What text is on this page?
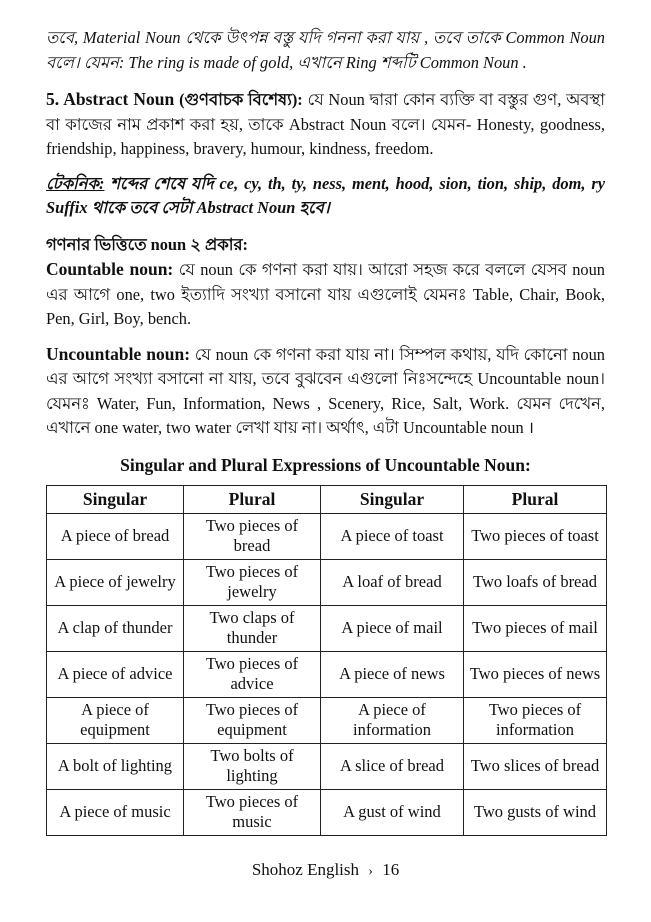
তবে, Material Noun থেকে উৎপন্ন বস্তু যদি গননা করা যায় , তবে তাকে Common Noun বলে। যেমন: The ring is made of gold, এখানে Ring শব্দটি Common Noun .

5. Abstract Noun (গুণবাচক বিশেষ্য): যে Noun দ্বারা কোন ব্যক্তি বা বস্তুর গুণ, অবস্থা বা কাজের নাম প্রকাশ করা হয়, তাকে Abstract Noun বলে। যেমন- Honesty, goodness, friendship, happiness, bravery, humour, kindness, freedom.

টেকনিক: শব্দের শেষে যদি ce, cy, th, ty, ness, ment, hood, sion, tion, ship, dom, ry Suffix থাকে তবে সেটা Abstract Noun হবে।

গণনার ভিত্তিতে noun ২ প্রকার:

Countable noun: যে noun কে গণনা করা যায়। আরো সহজ করে বললে যেসব noun এর আগে one, two ইত্যাদি সংখ্যা বসানো যায় এগুলোই যেমনঃ Table, Chair, Book, Pen, Girl, Boy, bench.

Uncountable noun: যে noun কে গণনা করা যায় না। সিম্পল কথায়, যদি কোনো noun এর আগে সংখ্যা বসানো না যায়, তবে বুঝবেন এগুলো নিঃসন্দেহে Uncountable noun। যেমনঃ Water, Fun, Information, News , Scenery, Rice, Salt, Work. যেমন দেখেন, এখানে one water, two water লেখা যায় না। অর্থাৎ, এটা Uncountable noun ।

Singular and Plural Expressions of Uncountable Noun:
Singular	Plural	Singular	Plural
A piece of bread	Two pieces of bread	A piece of toast	Two pieces of toast
A piece of jewelry	Two pieces of jewelry	A loaf of bread	Two loafs of bread
A clap of thunder	Two claps of thunder	A piece of mail	Two pieces of mail
A piece of advice	Two pieces of advice	A piece of news	Two pieces of news
A piece of equipment	Two pieces of equipment	A piece of information	Two pieces of information
A bolt of lighting	Two bolts of lighting	A slice of bread	Two slices of bread
A piece of music	Two pieces of music	A gust of wind	Two gusts of wind
Shohoz English › 16
